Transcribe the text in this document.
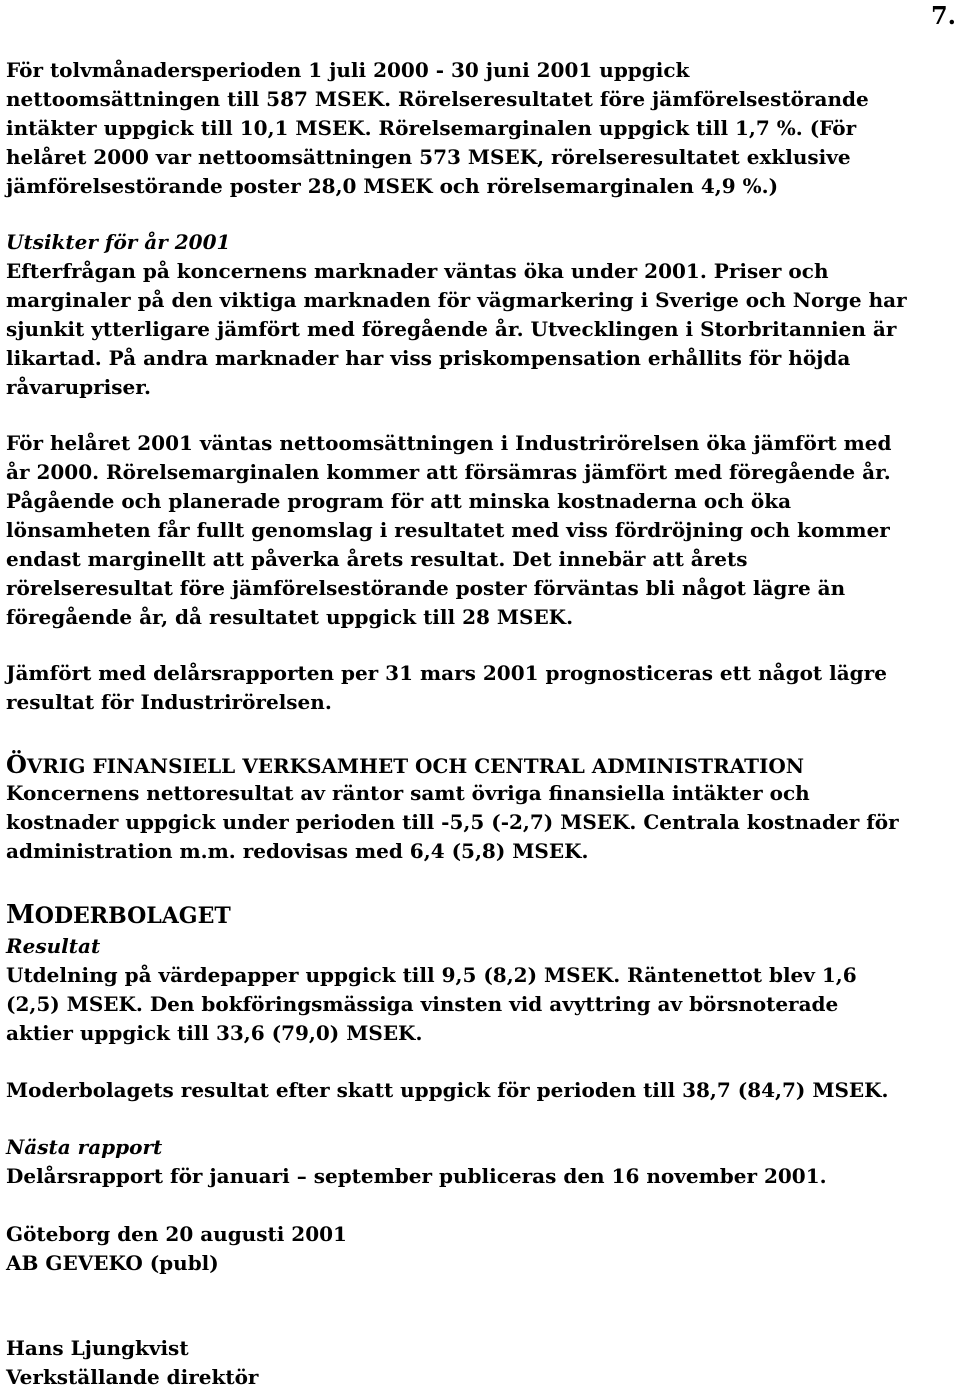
7.
För tolvmånadersperioden 1 juli 2000 - 30 juni 2001 uppgick
nettoomsättningen till 587 MSEK. Rörelseresultatet före jämförelsestörande
intäkter uppgick till 10,1 MSEK. Rörelsemarginalen uppgick till 1,7 %. (För
helåret 2000 var nettoomsättningen 573 MSEK, rörelseresultatet exklusive
jämförelsestörande poster 28,0 MSEK och rörelsemarginalen 4,9 %.)
Utsikter för år 2001
Efterfrågan på koncernens marknader väntas öka under 2001. Priser och
marginaler på den viktiga marknaden för vägmarkering i Sverige och Norge har
sjunkit ytterligare jämfört med föregående år. Utvecklingen i Storbritannien är
likartad. På andra marknader har viss priskompensation erhållits för höjda
råvarupriser.
För helåret 2001 väntas nettoomsättningen i Industrirörelsen öka jämfört med
år 2000. Rörelsemarginalen kommer att försämras jämfört med föregående år.
Pågående och planerade program för att minska kostnaderna och öka
lönsamheten får fullt genomslag i resultatet med viss fördröjning och kommer
endast marginellt att påverka årets resultat. Det innebär att årets
rörelseresultat före jämförelsestörande poster förväntas bli något lägre än
föregående år, då resultatet uppgick till 28 MSEK.
Jämfört med delårsrapporten per 31 mars 2001 prognosticeras ett något lägre
resultat för Industrirörelsen.
ÖVRIG FINANSIELL VERKSAMHET OCH CENTRAL ADMINISTRATION
Koncernens nettoresultat av räntor samt övriga finansiella intäkter och
kostnader uppgick under perioden till -5,5 (-2,7) MSEK. Centrala kostnader för
administration m.m. redovisas med 6,4 (5,8) MSEK.
MODERBOLAGET
Resultat
Utdelning på värdepapper uppgick till 9,5 (8,2) MSEK. Räntenettot blev 1,6
(2,5) MSEK. Den bokföringsmässiga vinsten vid avyttring av börsnoterade
aktier uppgick till 33,6 (79,0) MSEK.
Moderbolagets resultat efter skatt uppgick för perioden till 38,7 (84,7) MSEK.
Nästa rapport
Delårsrapport för januari – september publiceras den 16 november 2001.
Göteborg den 20 augusti 2001
AB GEVEKO (publ)
Hans Ljungkvist
Verkställande direktör
